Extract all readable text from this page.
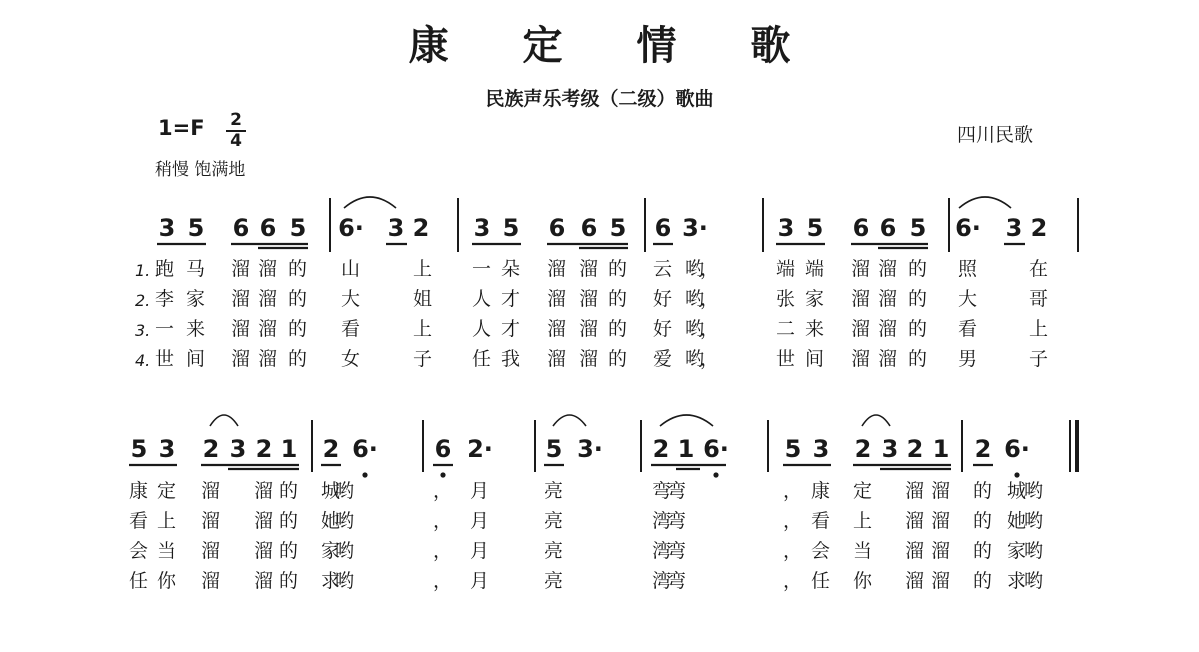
康 定 情 歌
民族声乐考级（二级）歌曲
1=F 2
4
稍慢 饱满地
四川民歌
3 5 6 6 5 6· 3 2 3 5 6 6 5 6 3·	3 5 6 6 5 6· 3 2
5 3 2 3 2 1 2 6· 6 2· 5 3· 2 1 6· 5 3 2 3 2 1 2 6·
1. 跑 马 溜 溜 的 山	上 一 朵 溜 溜 的 云 哟
，	端 端 溜 溜 的 照	在
2. 李 家 溜 溜 的 大	姐 人 才 溜 溜 的 好 哟
，	张 家 溜 溜 的 大	哥
3. 一 来 溜 溜 的 看	上 人 才 溜 溜 的 好 哟
，	二 来 溜 溜 的 看	上
4. 世 间 溜 溜 的 女	子 任 我 溜 溜 的 爱 哟
，	世 间 溜 溜 的 男	子
康 定 溜 溜 的 城
哟	， 月	亮	弯
弯	， 康 定 溜 溜 的 城
哟
看 上 溜 溜 的 她
哟	， 月	亮	湾
弯	， 看 上 溜 溜 的 她
哟
会 当 溜 溜 的 家
哟	， 月	亮	湾
弯	， 会 当 溜 溜 的 家
哟
任 你 溜 溜 的 求
哟	， 月	亮	湾
弯	， 任 你 溜 溜 的 求
哟
